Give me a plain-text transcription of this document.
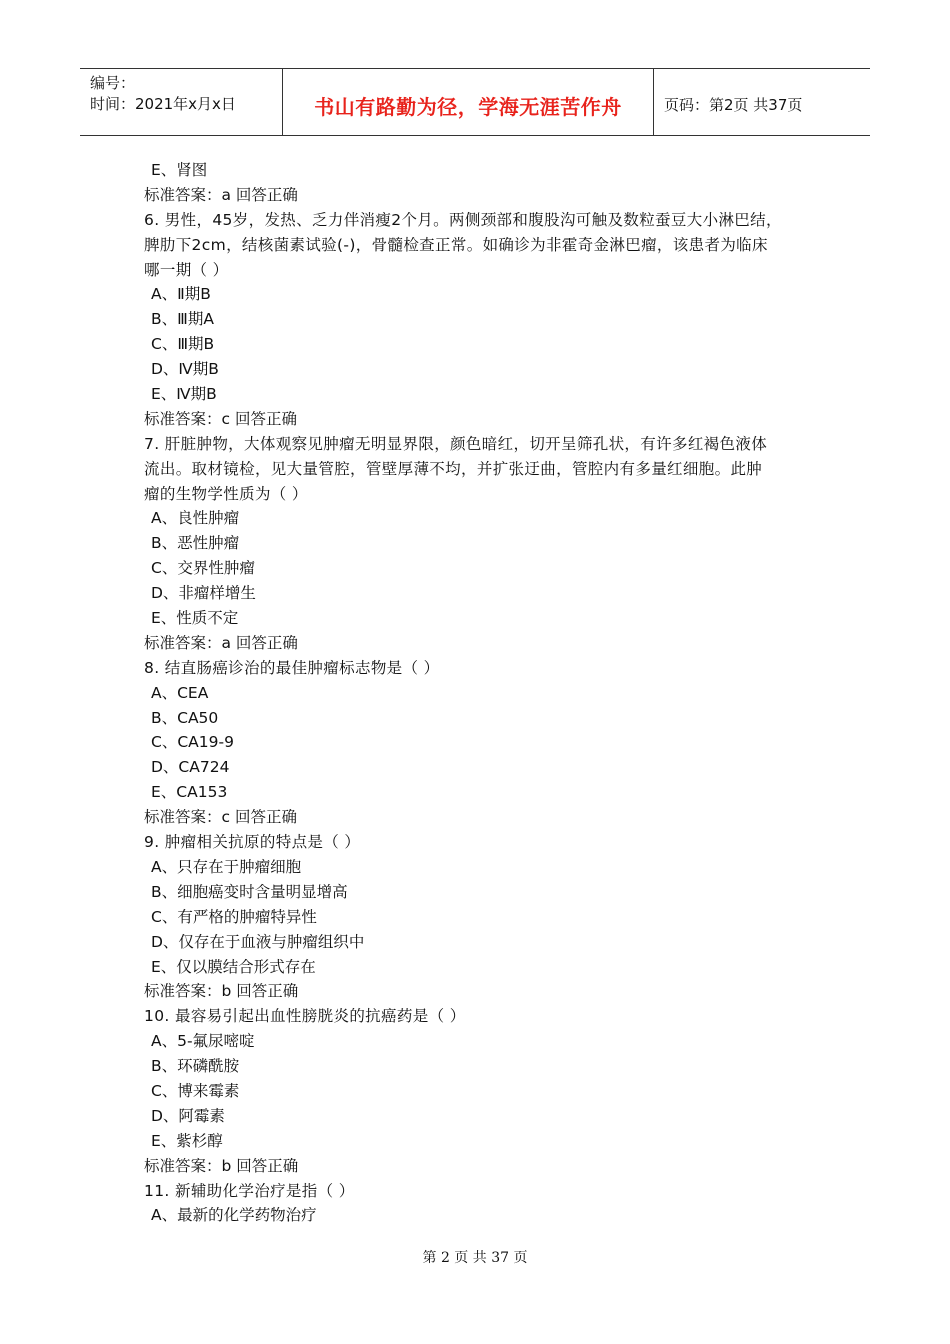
编号：
时间：2021年x月x日	书山有路勤为径，学海无涯苦作舟	页码：第2页 共37页
E、肾图
标准答案：a 回答正确
6. 男性，45岁，发热、乏力伴消瘦2个月。两侧颈部和腹股沟可触及数粒蚕豆大小淋巴结，
脾肋下2cm，结核菌素试验(-)，骨髓检查正常。如确诊为非霍奇金淋巴瘤，该患者为临床
哪一期（ ）
A、Ⅱ期B
B、Ⅲ期A
C、Ⅲ期B
D、Ⅳ期B
E、Ⅳ期B
标准答案：c 回答正确
7. 肝脏肿物，大体观察见肿瘤无明显界限，颜色暗红，切开呈筛孔状，有许多红褐色液体
流出。取材镜检，见大量管腔，管壁厚薄不均，并扩张迂曲，管腔内有多量红细胞。此肿
瘤的生物学性质为（ ）
A、良性肿瘤
B、恶性肿瘤
C、交界性肿瘤
D、非瘤样增生
E、性质不定
标准答案：a 回答正确
8. 结直肠癌诊治的最佳肿瘤标志物是（ ）
A、CEA
B、CA50
C、CA19-9
D、CA724
E、CA153
标准答案：c 回答正确
9. 肿瘤相关抗原的特点是（ ）
A、只存在于肿瘤细胞
B、细胞癌变时含量明显增高
C、有严格的肿瘤特异性
D、仅存在于血液与肿瘤组织中
E、仅以膜结合形式存在
标准答案：b 回答正确
10. 最容易引起出血性膀胱炎的抗癌药是（ ）
A、5-氟尿嘧啶
B、环磷酰胺
C、博来霉素
D、阿霉素
E、紫杉醇
标准答案：b 回答正确
11. 新辅助化学治疗是指（ ）
A、最新的化学药物治疗
第 2 页 共 37 页
